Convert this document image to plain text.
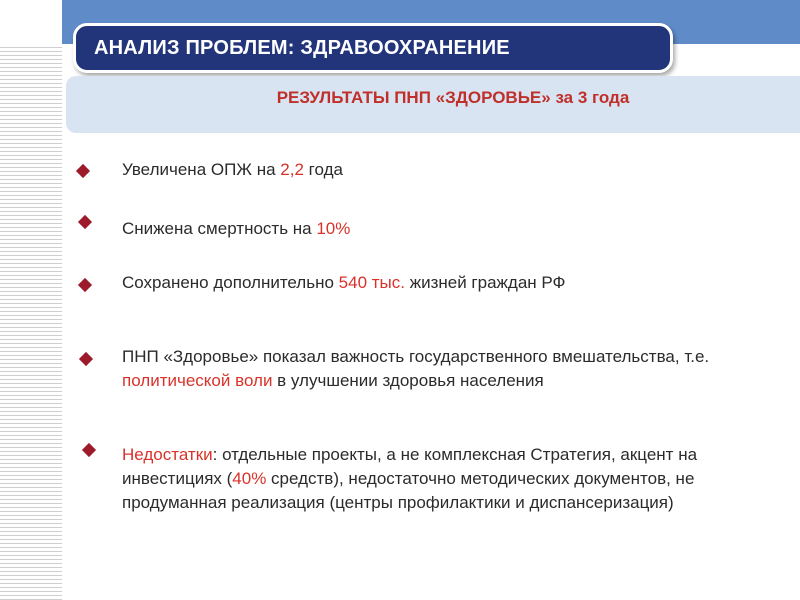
АНАЛИЗ ПРОБЛЕМ: ЗДРАВООХРАНЕНИЕ
РЕЗУЛЬТАТЫ ПНП «ЗДОРОВЬЕ» за 3 года
Увеличена ОПЖ на 2,2 года
Снижена смертность на 10%
Сохранено дополнительно 540 тыс. жизней граждан РФ
ПНП «Здоровье» показал важность государственного вмешательства, т.е. политической воли в улучшении здоровья населения
Недостатки: отдельные проекты, а не комплексная Стратегия, акцент на инвестициях (40% средств), недостаточно методических документов, не продуманная реализация (центры профилактики и диспансеризация)
